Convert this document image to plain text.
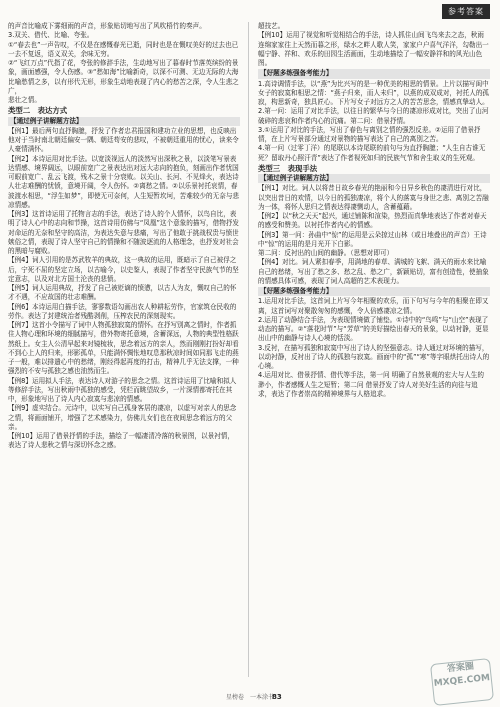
参考答案
的声音比喻成下雾细雨的声音，形象贴切地写出了风吹梧竹的奏声。
3.双关、借代、比喻、夸张。
①“春去也”一声告叹，不仅是在感慨春光已逝，同时也是在慨叹美好的过去也已一去不复返，语义双关，余味无穷。
②“飞红万点”代指了花，夸张的修辞手法，生动地写出了暮春时节落英缤纷的景象，画面感强，令人伤感。③“愁如海”比喻新奇，以深不可测、无边无际的大海比喻愁情之多，以有形代无形，形象生动地表现了内心的愁苦之深，令人生悲之广，
悲壮之情。
类型二　表达方式
【通过例子讲解题方法】
【例1】最后两句直抒胸臆，抒发了作者忠君报国和建功立业的思想，也反映出他对于当时南北朝廷偏安一隅、朝廷苟安的悲叹，不被朝廷重用的忧心，读来令人豪情满怀。
【例2】本诗运用对比手法。以宽淡视远人的淡然写出深秋之景，以淡笔写景表达情感、境界阔远，以眼前宽广之景表达出对远大志向的抱负，刻画出作者忧国可眼前宽广、乱云飞渡，残木之景十分衰败。以关山、长河、不见烽火，表达诗人壮志难酬的忧愤，意境开阔，令人伤怀。②离愁之情。②以乐景衬托哀情，春波渡水相思，“浮生如梦”，即使无可奈何，人生短暂坎坷，苦难较少的无奈与悲凉情感。
【例3】这首诗运用了托物言志的手法，表达了诗人的个人情怀，以鸟自比，表明了诗人心中的志向和节操，这首诗用仿佛与“凤凰”这个意象的描写，借物抒发对命运的无奈和坚守的高洁，为表达失意与悲痛，写出了他敢于挑战权贵与愤世嫉俗之情，表现了诗人坚守自己的情操和不随波逐流的人格理念，也抒发对社会的黑暗与腐败。
【例4】词人引用的是苏武牧羊的典故，这一典故的运用，既暗示了自己被俘之后，宁死不屈的坚定立场，以古喻今，以史鉴人，表现了作者坚守民族气节的坚定意志，以及对北方国土沦丧的悲愤。
【例5】词人运用典故，抒发了自己被贬谪的愤懑，以古人为友，慨叹自己的怀才不遇，不应故国的壮志难酬。
【例6】本诗运用白描手法，寥寥数语勾画出农人种耕耘劳作，官家筑仓民收的劳作。表达了封建统治者残酷剥削，压榨农民的深刻现实。
【例7】这首小令描写了词中人物孤独寂寞的情怀。在抒写别离之情时，作者抓住人物心理和环境的细腻描写，借外物寄托意境，含蓄深远，人物的典型性格跃然纸上。女主人公清早起来对镜梳妆，思念着远方的亲人，然而刚刚打扮好却看不到心上人的归来，形影孤单，只能满怀惆怅地叹息那秋凉时间如同那飞走的燕子一般，难以排遣心中的愁绪，刚经得起再度的打击，精神几乎无法支撑，一种强烈的不安与孤独之感也油然而生。
【例8】运用拟人手法，表达诗人对游子的思念之情。这首诗运用了比喻和拟人等修辞手法，写出秋雨中孤独的感受，凭栏而眺望故乡，一片深情都寄托在其中，形象地写出了诗人内心寂寞与悲凉的情感。
【例9】虚实结合。元诗中，以实写自己孤身客居的凄凉，以虚写对亲人的思念之情，将画面铺开，增强了艺术感染力，仿佛儿女们也在夜间思念着远方的父亲。
【例10】运用了借景抒情的手法，描绘了一幅凄清冷落的秋景图，以景衬情，表达了诗人悲秋之情与深切怀念之感。
超技艺。
【例10】运用了视觉和听觉相结合的手法，诗人抓住山间飞鸟来去之态，秋雨连绵家家往上天然而暮之形，绿水之畔人歌人笑，家家户户喜气洋洋，勾勒出一幅宁静、祥和、欢乐的田园生活画面，生动地描绘了一幅安静祥和的风光山色图。
【好题多练强备考能力】
1.高诗调情手法，以“燕”为比兴写的是一种优美的相思的情景。上片以描写闺中女子的寂寞和相思之情：“燕子归来，而人未归”，以燕的成双成对，衬托人的孤寂，构思新奇，独具匠心。下片写女子对远方之人的苦苦思念，情感真挚动人。
2.第一问：运用了对比手法，以往日的繁华与今日的凄凉形成对比，突出了山河破碎的悲哀和作者内心的沉痛。第二问：借景抒情。
3.①运用了对比的手法，写出了春色与离别之情的强烈反差。②运用了借景抒情，在上片写景部分通过对景物的描写表达了自己的离别之苦。
4.第一问（过零丁洋）的尾联以本诗尾联的前句与为直抒胸臆；“人生自古谁无死？留取丹心照汗青”表达了作者视死如归的民族气节和舍生取义的生死观。
类型三　表现手法
【通过例子讲解题方法】
【例1】对比。词人以将昔日故乡春光的艳丽和今日异乡秋色的凄清进行对比，以突出昔日的欢情，以今日的孤独凄凉，将个人的落寞与身世之悲、离别之苦融为一体，将怀人思归之情表达得凄恻动人，含蓄蕴藉。
【例2】以“秋之天天”起兴，通过铺陈和渲染，热烈而真挚地表达了作者对春天的感受和赞美。以衬托作者内心的情感。
【例3】第一问：孙曲中“惊”的运用是云朵掠过山林（或日地叠出的声音）王诗中“惊”的运用的是月光开下白影。
第二问：反衬出的山间的幽静。（思想对即可）
【例4】对比。词人紧扣春季，用满地的春草、满城的飞絮、满天的雨水来比喻自己的愁绪，写出了愁之多、愁之乱、愁之广，新颖贴切，富有创造性，使抽象的情感具体可感，表现了词人高超的艺术表现力。
【好题多练强备考能力】
1.运用对比手法，这首词上片写今年相聚的欢乐，而下句写与今年的相聚在即又离，这首词写对聚散匆匆的感慨，令人倍感凄凉之情。
2.运用了动静结合手法，为表现情境做了铺垫。①诗中的“鸟鸣”与“山空”表现了动态的描写。②“落花时节”与“芳草”的美好描绘出春天的景象，以动衬静，更显出山中的幽静与诗人心境的恬淡。
3.反衬，在描写孤独和寂寞中写出了诗人的坚强意志。诗人通过对环境的描写，以动衬静，反衬出了诗人的孤独与寂寞。画面中的“孤”“寒”等字眼烘托出诗人的心境。
4.运用对比、借景抒情、借代等手法，第一问 明确了自然景观的宏大与人生的渺小，作者感慨人生之短暂；第二问 借景抒发了诗人对美好生活的向往与追求，表达了作者崇高的精神境界与人格追求。
星榜卷　一本涂书
83
答案圈
MXQE.COM
